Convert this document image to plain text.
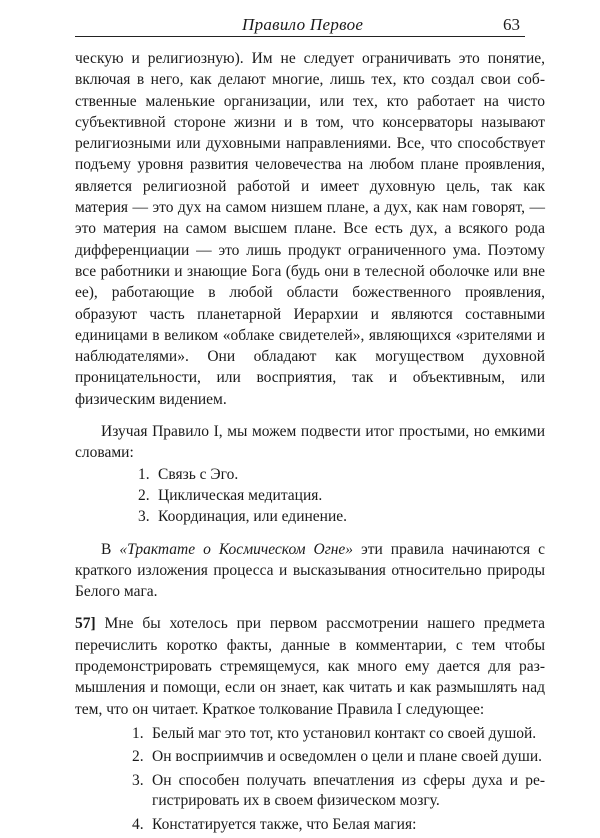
Правило Первое	63

ческую и религиозную). Им не следует ограничивать это понятие, включая в него, как делают многие, лишь тех, кто создал свои собственные маленькие организации, или тех, кто работает на чисто субъективной стороне жизни и в том, что консерваторы называют религиозными или духовными направлениями. Все, что способствует подъему уровня развития человечества на любом плане проявления, является религиозной работой и имеет духовную цель, так как материя — это дух на самом низшем плане, а дух, как нам говорят, — это материя на самом высшем плане. Все есть дух, а всякого рода дифференциации — это лишь продукт ограниченного ума. Поэтому все работники и знающие Бога (будь они в телесной оболочке или вне ее), работающие в любой области божественного проявления, образуют часть планетарной Иерархии и являются составными единицами в великом «облаке свидетелей», являющихся «зрителями и наблюдателями». Они обладают как могуществом духовной проницательности, или восприятия, так и объективным, или физическим видением.

Изучая Правило I, мы можем подвести итог простыми, но емкими словами:

1. Связь с Эго.
2. Циклическая медитация.
3. Координация, или единение.

В «Трактате о Космическом Огне» эти правила начинаются с краткого изложения процесса и высказывания относительно природы Белого мага.

57] Мне бы хотелось при первом рассмотрении нашего предмета перечислить коротко факты, данные в комментарии, с тем чтобы продемонстрировать стремящемуся, как много ему дается для размышления и помощи, если он знает, как читать и как размышлять над тем, что он читает. Краткое толкование Правила I следующее:

1. Белый маг это тот, кто установил контакт со своей душой.
2. Он восприимчив и осведомлен о цели и плане своей души.
3. Он способен получать впечатления из сферы духа и регистрировать их в своем физическом мозгу.
4. Констатируется также, что Белая магия:
